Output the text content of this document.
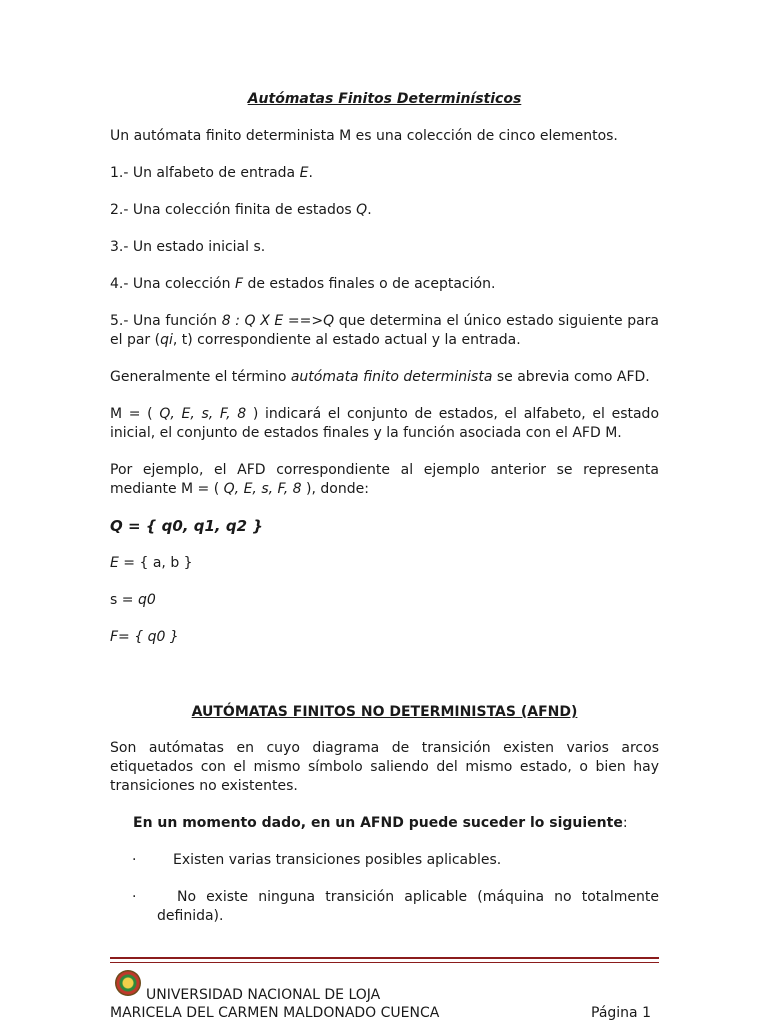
Autómatas Finitos Determinísticos

Un autómata finito determinista M es una colección de cinco elementos.

1.- Un alfabeto de entrada E.

2.- Una colección finita de estados Q.

3.- Un estado inicial s.

4.- Una colección F de estados finales o de aceptación.

5.- Una función 8 : Q X E ==>Q que determina el único estado siguiente para el par (qi, t) correspondiente al estado actual y la entrada.

Generalmente el término autómata finito determinista se abrevia como AFD.

M = ( Q, E, s, F, 8 ) indicará el conjunto de estados, el alfabeto, el estado inicial, el conjunto de estados finales y la función asociada con el AFD M.

Por ejemplo, el AFD correspondiente al ejemplo anterior se representa mediante M = ( Q, E, s, F, 8 ), donde:

Q = { q0, q1, q2 }

E = { a, b }

s = q0

F= { q0 }

AUTÓMATAS FINITOS NO DETERMINISTAS (AFND)

Son autómatas en cuyo diagrama de transición existen varios arcos etiquetados con el mismo símbolo saliendo del mismo estado, o bien hay transiciones no existentes.

En un momento dado, en un AFND puede suceder lo siguiente:

·	Existen varias transiciones posibles aplicables.
·	No existe ninguna transición aplicable (máquina no totalmente definida).
UNIVERSIDAD NACIONAL DE LOJA
MARICELA DEL CARMEN MALDONADO CUENCA	Página 1
